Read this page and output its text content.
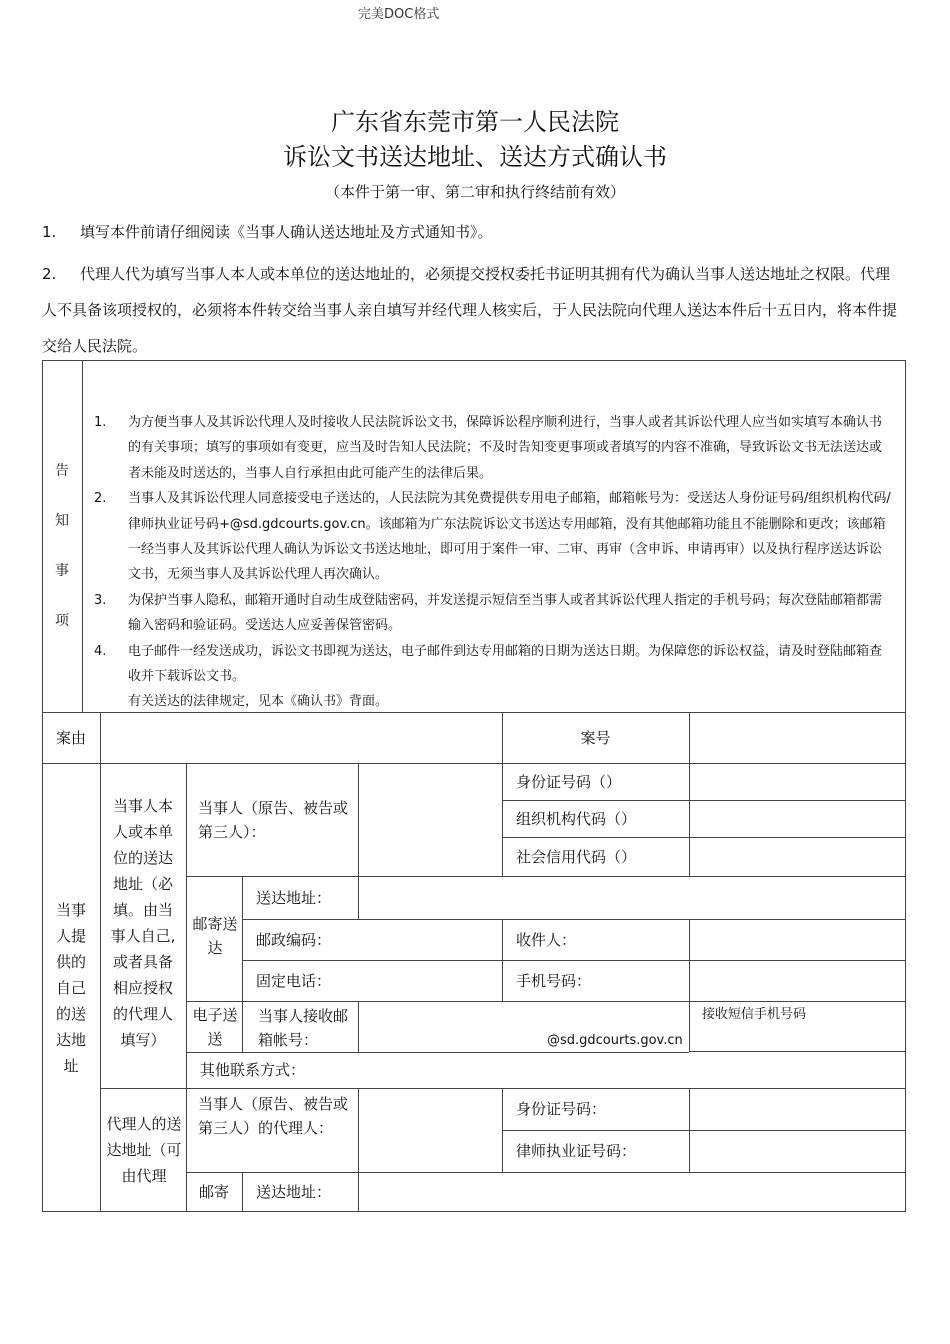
完美DOC格式
广东省东莞市第一人民法院
诉讼文书送达地址、送达方式确认书
（本件于第一审、第二审和执行终结前有效）
1. 填写本件前请仔细阅读《当事人确认送达地址及方式通知书》。
2. 代理人代为填写当事人本人或本单位的送达地址的，必须提交授权委托书证明其拥有代为确认当事人送达地址之权限。代理人不具备该项授权的，必须将本件转交给当事人亲自填写并经代理人核实后，于人民法院向代理人送达本件后十五日内，将本件提交给人民法院。
告
知
事
项
1.	为方便当事人及其诉讼代理人及时接收人民法院诉讼文书，保障诉讼程序顺利进行，当事人或者其诉讼代理人应当如实填写本确认书的有关事项；填写的事项如有变更，应当及时告知人民法院；不及时告知变更事项或者填写的内容不准确，导致诉讼文书无法送达或者未能及时送达的，当事人自行承担由此可能产生的法律后果。
2.	当事人及其诉讼代理人同意接受电子送达的，人民法院为其免费提供专用电子邮箱，邮箱帐号为：受送达人身份证号码/组织机构代码/律师执业证号码+@sd.gdcourts.gov.cn。该邮箱为广东法院诉讼文书送达专用邮箱，没有其他邮箱功能且不能删除和更改；该邮箱一经当事人及其诉讼代理人确认为诉讼文书送达地址，即可用于案件一审、二审、再审（含申诉、申请再审）以及执行程序送达诉讼文书，无须当事人及其诉讼代理人再次确认。
3.	为保护当事人隐私，邮箱开通时自动生成登陆密码，并发送提示短信至当事人或者其诉讼代理人指定的手机号码；每次登陆邮箱都需输入密码和验证码。受送达人应妥善保管密码。
4.	电子邮件一经发送成功，诉讼文书即视为送达，电子邮件到达专用邮箱的日期为送达日期。为保障您的诉讼权益，请及时登陆邮箱查收并下载诉讼文书。
有关送达的法律规定，见本《确认书》背面。
案由	案号
当事人提供的自己的送达地址
当事人本人或本单位的送达地址（必填。由当事人自己,或者具备相应授权的代理人填写）
当事人（原告、被告或第三人）：
身份证号码（）
组织机构代码（）
社会信用代码（）
邮寄送达
送达地址：
邮政编码：	收件人：
固定电话：	手机号码：
电子送送
当事人接收邮箱帐号：	@sd.gdcourts.gov.cn
接收短信手机号码
其他联系方式：
代理人的送达地址（可由代理
当事人（原告、被告或第三人）的代理人：
身份证号码：
律师执业证号码：
邮寄	送达地址：
